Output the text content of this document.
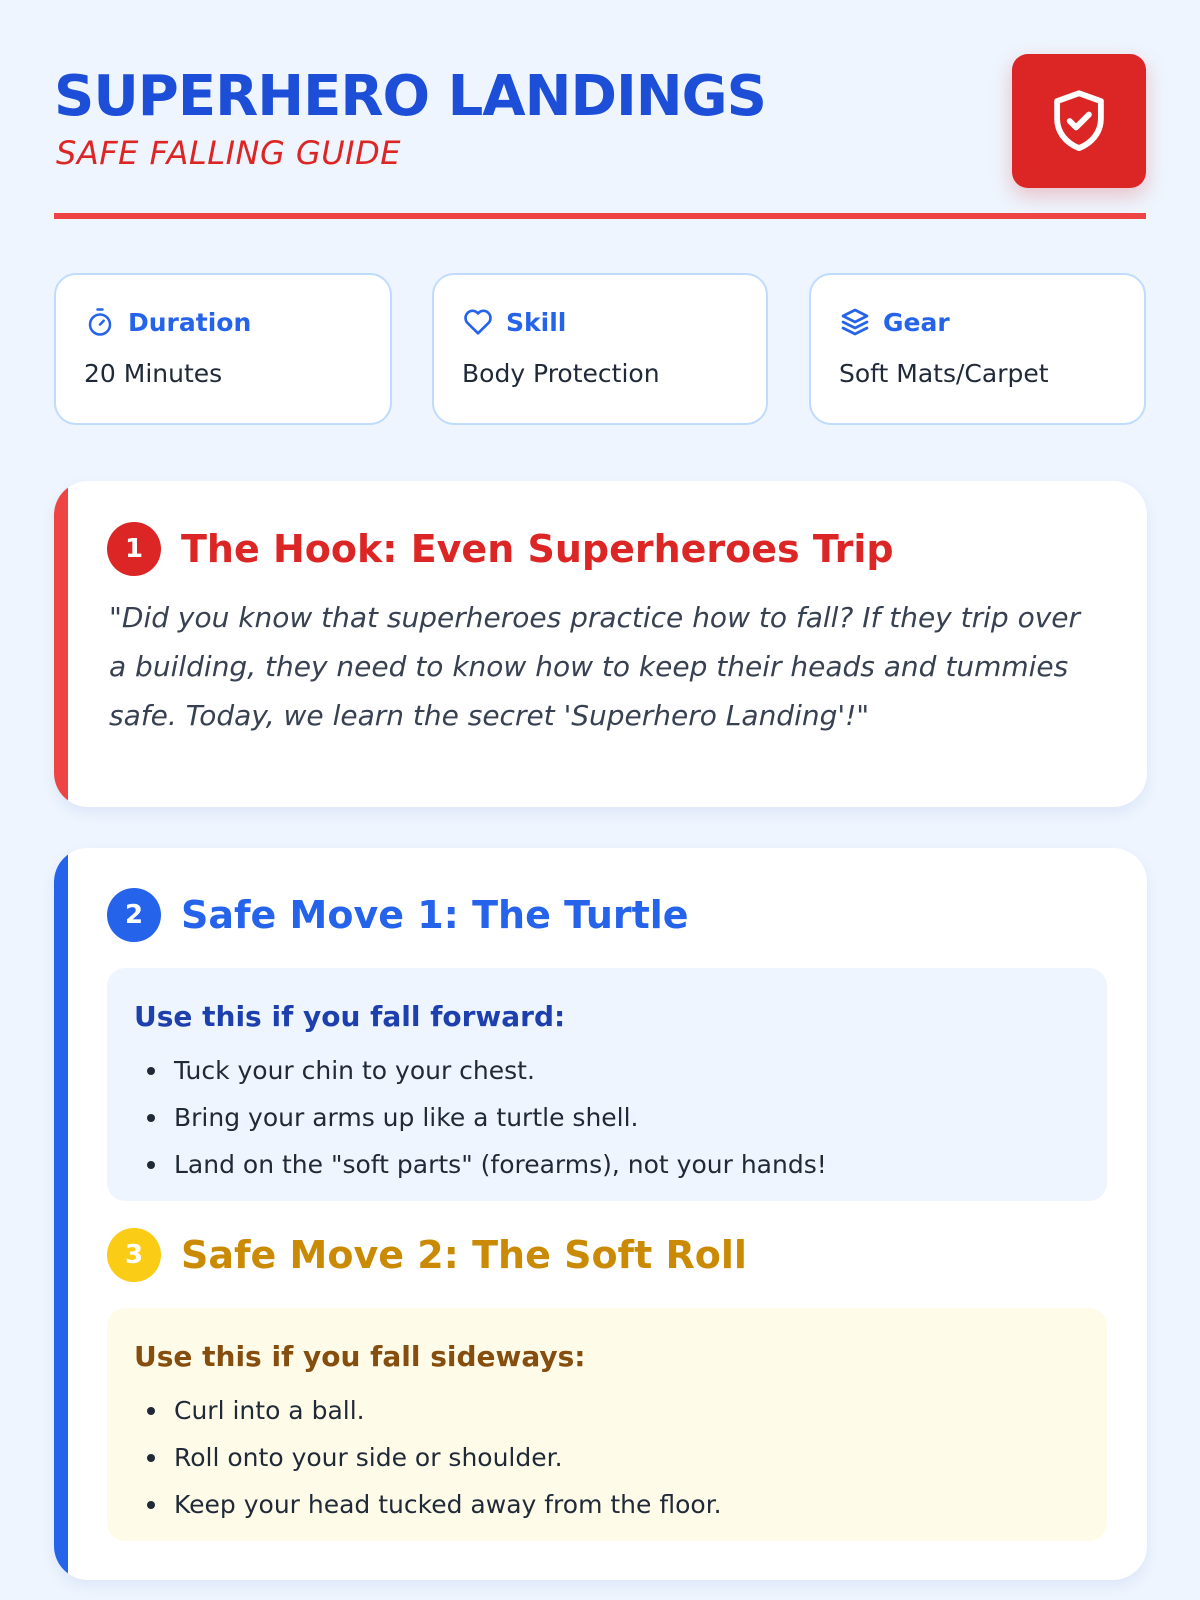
SUPERHERO LANDINGS
SAFE FALLING GUIDE
Duration
20 Minutes
Skill
Body Protection
Gear
Soft Mats/Carpet
1 The Hook: Even Superheroes Trip
"Did you know that superheroes practice how to fall? If they trip over a building, they need to know how to keep their heads and tummies safe. Today, we learn the secret 'Superhero Landing'!"
2 Safe Move 1: The Turtle
Use this if you fall forward:
Tuck your chin to your chest.
Bring your arms up like a turtle shell.
Land on the "soft parts" (forearms), not your hands!
3 Safe Move 2: The Soft Roll
Use this if you fall sideways:
Curl into a ball.
Roll onto your side or shoulder.
Keep your head tucked away from the floor.
